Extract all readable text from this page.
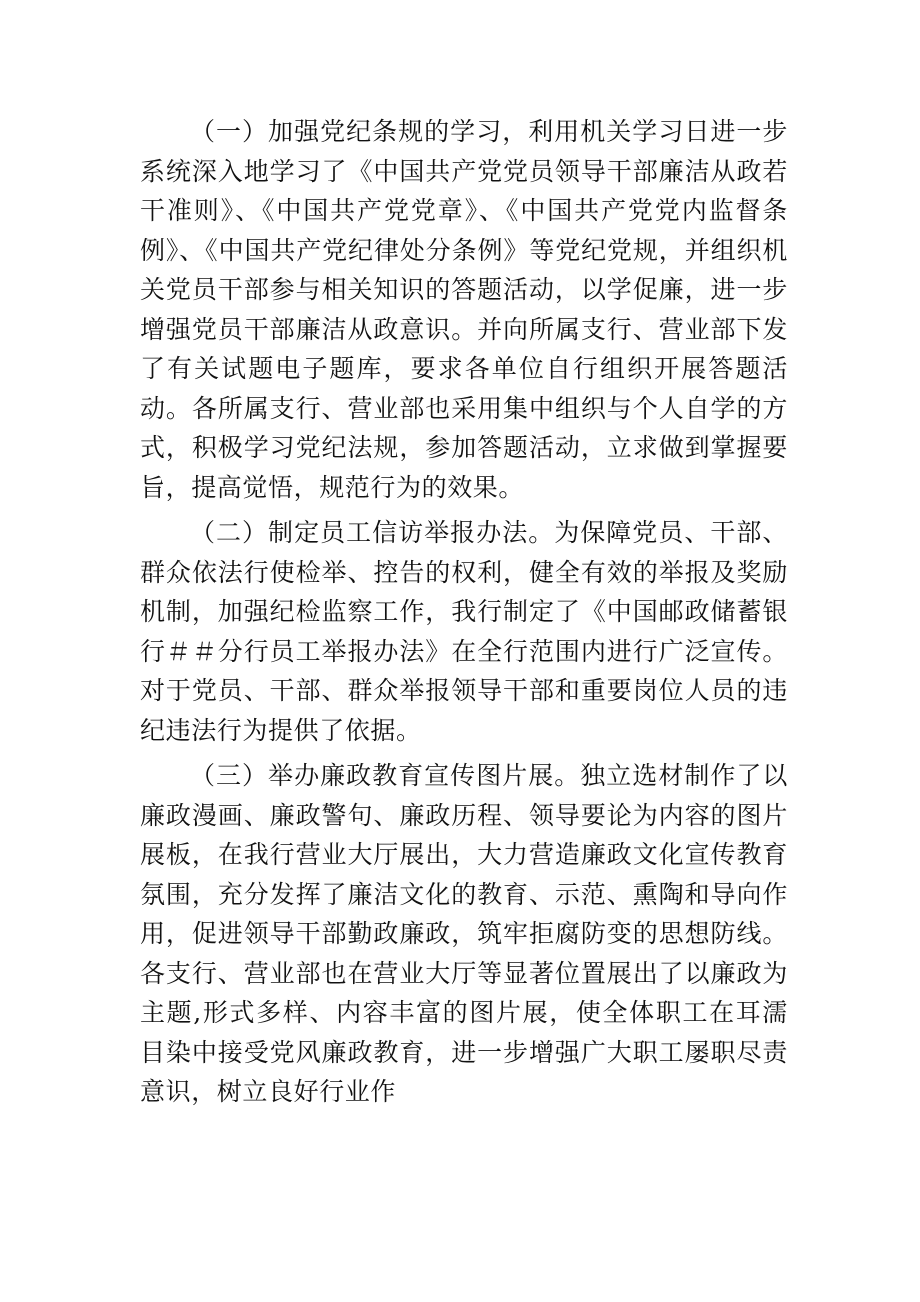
（一）加强党纪条规的学习，利用机关学习日进一步系统深入地学习了《中国共产党党员领导干部廉洁从政若干准则》、《中国共产党党章》、《中国共产党党内监督条例》、《中国共产党纪律处分条例》等党纪党规，并组织机关党员干部参与相关知识的答题活动，以学促廉，进一步增强党员干部廉洁从政意识。并向所属支行、营业部下发了有关试题电子题库，要求各单位自行组织开展答题活动。各所属支行、营业部也采用集中组织与个人自学的方式，积极学习党纪法规，参加答题活动，立求做到掌握要旨，提高觉悟，规范行为的效果。

（二）制定员工信访举报办法。为保障党员、干部、群众依法行使检举、控告的权利，健全有效的举报及奖励机制，加强纪检监察工作，我行制定了《中国邮政储蓄银行＃＃分行员工举报办法》在全行范围内进行广泛宣传。对于党员、干部、群众举报领导干部和重要岗位人员的违纪违法行为提供了依据。

（三）举办廉政教育宣传图片展。独立选材制作了以廉政漫画、廉政警句、廉政历程、领导要论为内容的图片展板，在我行营业大厅展出，大力营造廉政文化宣传教育氛围，充分发挥了廉洁文化的教育、示范、熏陶和导向作用，促进领导干部勤政廉政，筑牢拒腐防变的思想防线。各支行、营业部也在营业大厅等显著位置展出了以廉政为主题,形式多样、内容丰富的图片展，使全体职工在耳濡目染中接受党风廉政教育，进一步增强广大职工屡职尽责意识，树立良好行业作
